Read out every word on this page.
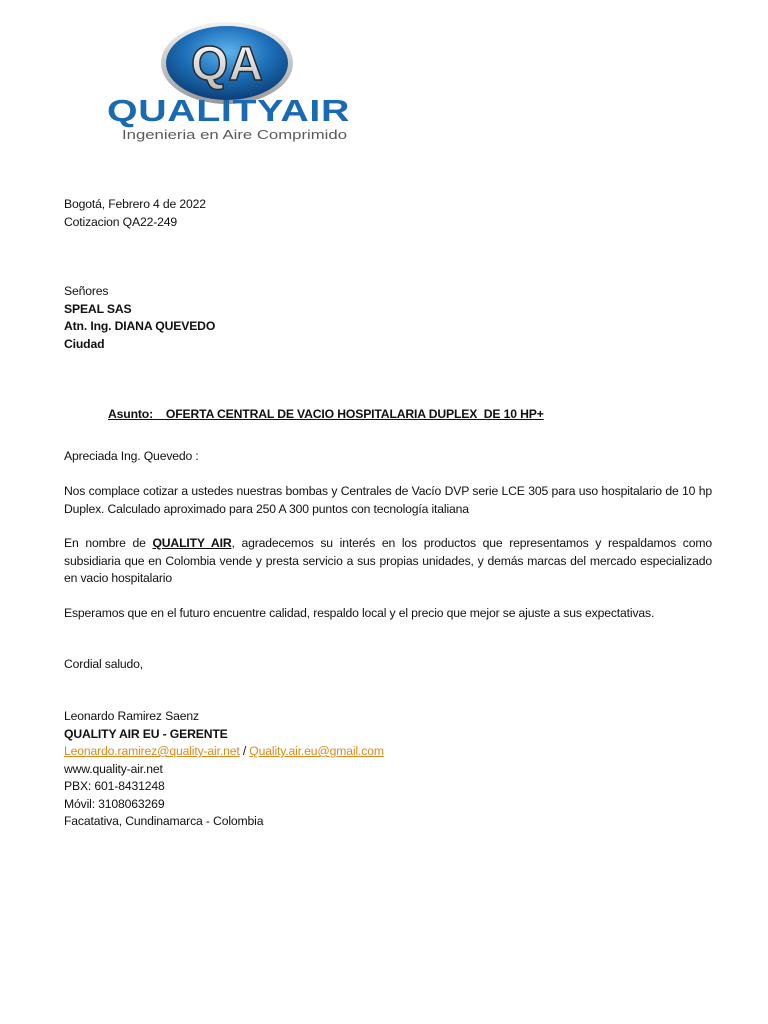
QA
QUALITYAIR
Ingenieria en Aire Comprimido
Bogotá, Febrero 4 de 2022
Cotizacion QA22-249
Señores
SPEAL SAS
Atn. Ing. DIANA QUEVEDO
Ciudad
Asunto:    OFERTA CENTRAL DE VACIO HOSPITALARIA DUPLEX  DE 10 HP+
Apreciada Ing. Quevedo :
Nos complace cotizar a ustedes nuestras bombas y Centrales de Vacío DVP serie LCE 305 para uso hospitalario de 10 hp Duplex. Calculado aproximado para 250 A 300 puntos con tecnología italiana
En nombre de QUALITY AIR, agradecemos su interés en los productos que representamos y respaldamos como subsidiaria que en Colombia vende y presta servicio a sus propias unidades, y demás marcas del mercado especializado en vacio hospitalario
Esperamos que en el futuro encuentre calidad, respaldo local y el precio que mejor se ajuste a sus expectativas.
Cordial saludo,
Leonardo Ramirez Saenz
QUALITY AIR EU - GERENTE
Leonardo.ramirez@quality-air.net / Quality.air.eu@gmail.com
www.quality-air.net
PBX: 601-8431248
Móvil: 3108063269
Facatativa, Cundinamarca - Colombia
